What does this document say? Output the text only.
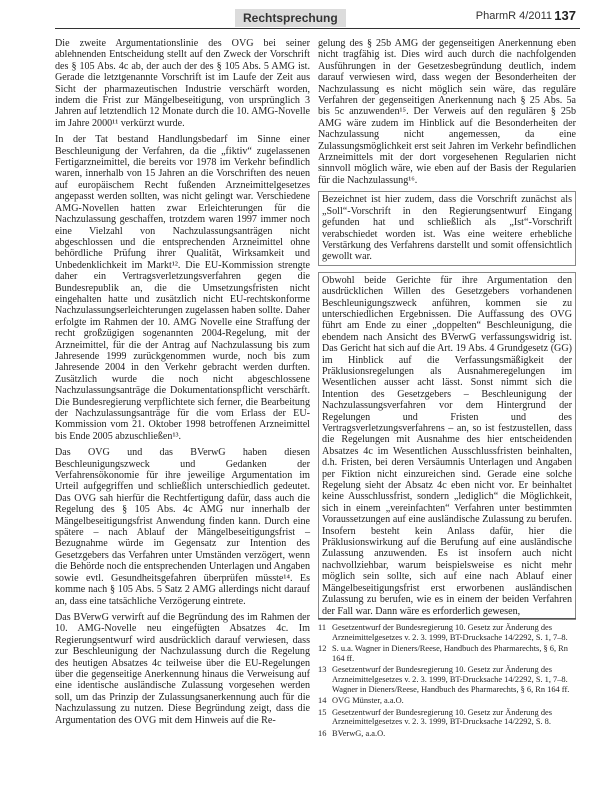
Rechtsprechung	PharmR 4/2011 137

Die zweite Argumentationslinie des OVG bei seiner ablehnenden Entscheidung stellt auf den Zweck der Vorschrift des § 105 Abs. 4c ab, der auch der des § 105 Abs. 5 AMG ist. Gerade die letztgenannte Vorschrift ist im Laufe der Zeit aus Sicht der pharmazeutischen Industrie verschärft worden, indem die Frist zur Mängelbeseitigung, von ursprünglich 3 Jahren auf letztendlich 12 Monate durch die 10. AMG-Novelle im Jahre 2000¹¹ verkürzt wurde.

In der Tat bestand Handlungsbedarf im Sinne einer Beschleunigung der Verfahren, da die „fiktiv“ zugelassenen Fertigarzneimittel, die bereits vor 1978 im Verkehr befindlich waren, innerhalb von 15 Jahren an die Vorschriften des neuen auf europäischem Recht fußenden Arzneimittelgesetzes angepasst werden sollten, was nicht gelingt war. Verschiedene AMG-Novellen hatten zwar Erleichterungen für die Nachzulassung geschaffen, trotzdem waren 1997 immer noch eine Vielzahl von Nachzulassungsanträgen nicht abgeschlossen und die entsprechenden Arzneimittel ohne behördliche Prüfung ihrer Qualität, Wirksamkeit und Unbedenklichkeit im Markt¹². Die EU-Kommission strengte daher ein Vertragsverletzungsverfahren gegen die Bundesrepublik an, die die Umsetzungsfristen nicht eingehalten hatte und zusätzlich nicht EU-rechtskonforme Nachzulassungserleichterungen zugelassen haben sollte. Daher erfolgte im Rahmen der 10. AMG Novelle eine Straffung der recht großzügigen sogenannten 2004-Regelung, mit der Arzneimittel, für die der Antrag auf Nachzulassung bis zum Jahresende 1999 zurückgenommen wurde, noch bis zum Jahresende 2004 in den Verkehr gebracht werden durften. Zusätzlich wurde die noch nicht abgeschlossene Nachzulassungsanträge die Dokumentationspflicht verschärft. Die Bundesregierung verpflichtete sich ferner, die Bearbeitung der Nachzulassungsanträge für die vom Erlass der EU-Kommission vom 21. Oktober 1998 betroffenen Arzneimittel bis Ende 2005 abzuschließen¹³.

Das OVG und das BVerwG haben diesen Beschleunigungszweck und Gedanken der Verfahrensökonomie für ihre jeweilige Argumentation im Urteil aufgegriffen und schließlich unterschiedlich gedeutet. Das OVG sah hierfür die Rechtfertigung dafür, dass auch die Regelung des § 105 Abs. 4c AMG nur innerhalb der Mängelbeseitigungsfrist Anwendung finden kann. Durch eine spätere – nach Ablauf der Mängelbeseitigungsfrist – Bezugnahme würde im Gegensatz zur Intention des Gesetzgebers das Verfahren unter Umständen verzögert, wenn die Behörde noch die entsprechenden Unterlagen und Angaben sowie evtl. Gesundheitsgefahren überprüfen müsste¹⁴. Es komme nach § 105 Abs. 5 Satz 2 AMG allerdings nicht darauf an, dass eine tatsächliche Verzögerung eintrete.

Das BVerwG verwirft auf die Begründung des im Rahmen der 10. AMG-Novelle neu eingefügten Absatzes 4c. Im Regierungsentwurf wird ausdrücklich darauf verwiesen, dass zur Beschleunigung der Nachzulassung durch die Regelung des heutigen Absatzes 4c teilweise über die EU-Regelungen über die gegenseitige Anerkennung hinaus die Verweisung auf eine identische ausländische Zulassung vorgesehen werden soll, um das Prinzip der Zulassungsanerkennung auch für die Nachzulassung zu nutzen. Diese Begründung zeigt, dass die Argumentation des OVG mit dem Hinweis auf die Re-

gelung des § 25b AMG der gegenseitigen Anerkennung eben nicht tragfähig ist. Dies wird auch durch die nachfolgenden Ausführungen in der Gesetzesbegründung deutlich, indem darauf verwiesen wird, dass wegen der Besonderheiten der Nachzulassung es nicht möglich sein wäre, das reguläre Verfahren der gegenseitigen Anerkennung nach § 25 Abs. 5a bis 5c anzuwenden¹⁵. Der Verweis auf den regulären § 25b AMG wäre zudem im Hinblick auf die Besonderheiten der Nachzulassung nicht angemessen, da eine Zulassungsmöglichkeit erst seit Jahren im Verkehr befindlichen Arzneimittels mit der dort vorgesehenen Regularien nicht sinnvoll möglich wäre, wie eben auf der Basis der Regularien für die Nachzulassung¹⁶.

Bezeichnet ist hier zudem, dass die Vorschrift zunächst als „Soll“-Vorschrift in den Regierungsentwurf Eingang gefunden hat und schließlich als „Ist“-Vorschrift verabschiedet worden ist. Was eine weitere erhebliche Verstärkung des Verfahrens darstellt und somit offensichtlich gewollt war.

Obwohl beide Gerichte für ihre Argumentation den ausdrücklichen Willen des Gesetzgebers vorhandenen Beschleunigungszweck anführen, kommen sie zu unterschiedlichen Ergebnissen. Die Auffassung des OVG führt am Ende zu einer „doppelten“ Beschleunigung, die ebendem nach Ansicht des BVerwG verfassungswidrig ist. Das Gericht hat sich auf die Art. 19 Abs. 4 Grundgesetz (GG) im Hinblick auf die Verfassungsmäßigkeit der Präklusionsregelungen als Ausnahmeregelungen im Wesentlichen ausser acht lässt. Sonst nimmt sich die Intention des Gesetzgebers – Beschleunigung der Nachzulassungsverfahren vor dem Hintergrund der Regelungen und Fristen und des Vertragsverletzungsverfahrens – an, so ist festzustellen, dass die Regelungen mit Ausnahme des hier entscheidenden Absatzes 4c im Wesentlichen Ausschlussfristen beinhalten, d.h. Fristen, bei deren Versäumnis Unterlagen und Angaben per Fiktion nicht einzureichen sind. Gerade eine solche Regelung sieht der Absatz 4c eben nicht vor. Er beinhaltet keine Ausschlussfrist, sondern „lediglich“ die Möglichkeit, sich in einem „vereinfachten“ Verfahren unter bestimmten Voraussetzungen auf eine ausländische Zulassung zu berufen. Insofern besteht kein Anlass dafür, hier die Präklusionswirkung auf die Berufung auf eine ausländische Zulassung anzuwenden. Es ist insofern auch nicht nachvollziehbar, warum beispielsweise es nicht mehr möglich sein sollte, sich auf eine nach Ablauf einer Mängelbeseitigungsfrist erst erworbenen ausländischen Zulassung zu berufen, wie es in einem der beiden Verfahren der Fall war. Dann wäre es erforderlich gewesen,

11 Gesetzentwurf der Bundesregierung 10. Gesetz zur Änderung des Arzneimittelgesetzes v. 2. 3. 1999, BT-Drucksache 14/2292, S. 1, 7–8.
12 S. u.a. Wagner in Dieners/Reese, Handbuch des Pharmarechts, § 6, Rn 164 ff.
13 Gesetzentwurf der Bundesregierung 10. Gesetz zur Änderung des Arzneimittelgesetzes v. 2. 3. 1999, BT-Drucksache 14/2292, S. 1, 7–8. Wagner in Dieners/Reese, Handbuch des Pharmarechts, § 6, Rn 164 ff.
14 OVG Münster, a.a.O.
15 Gesetzentwurf der Bundesregierung 10. Gesetz zur Änderung des Arzneimittelgesetzes v. 2. 3. 1999, BT-Drucksache 14/2292, S. 8.
16 BVerwG, a.a.O.
